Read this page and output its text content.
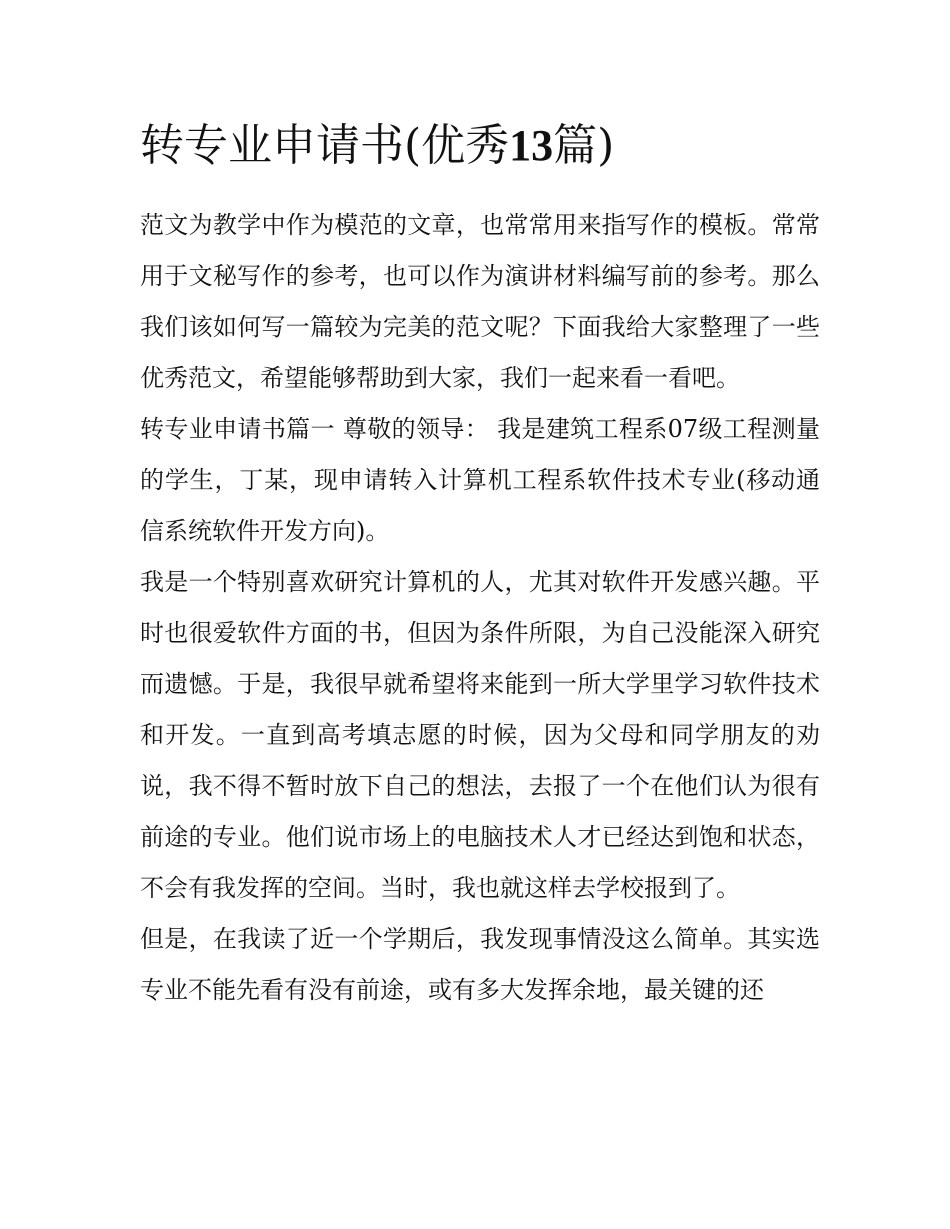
转专业申请书(优秀13篇)

范文为教学中作为模范的文章，也常常用来指写作的模板。常常用于文秘写作的参考，也可以作为演讲材料编写前的参考。那么我们该如何写一篇较为完美的范文呢？下面我给大家整理了一些优秀范文，希望能够帮助到大家，我们一起来看一看吧。

转专业申请书篇一 尊敬的领导： 我是建筑工程系07级工程测量的学生，丁某，现申请转入计算机工程系软件技术专业(移动通信系统软件开发方向)。

我是一个特别喜欢研究计算机的人，尤其对软件开发感兴趣。平时也很爱软件方面的书，但因为条件所限，为自己没能深入研究而遗憾。于是，我很早就希望将来能到一所大学里学习软件技术和开发。一直到高考填志愿的时候，因为父母和同学朋友的劝说，我不得不暂时放下自己的想法，去报了一个在他们认为很有前途的专业。他们说市场上的电脑技术人才已经达到饱和状态，不会有我发挥的空间。当时，我也就这样去学校报到了。

但是，在我读了近一个学期后，我发现事情没这么简单。其实选专业不能先看有没有前途，或有多大发挥余地，最关键的还
